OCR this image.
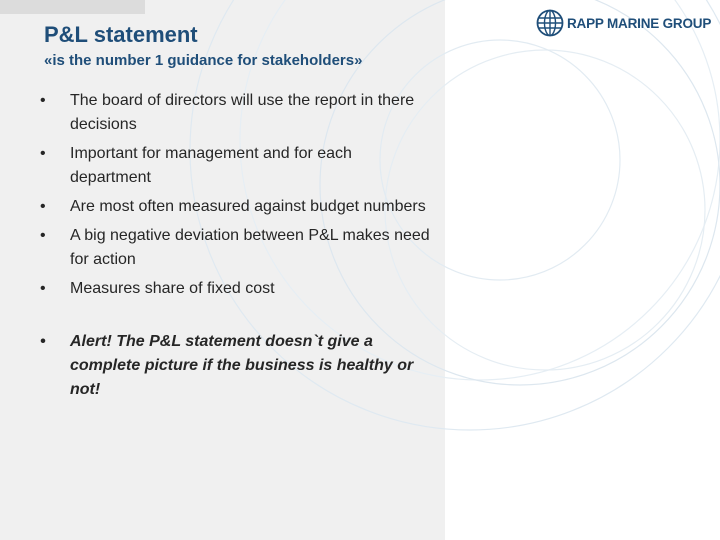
P&L statement

«is the number 1 guidance for stakeholders»

• The board of directors will use the report in there decisions
• Important for management and for each department
• Are most often measured against budget numbers
• A big negative deviation between P&L makes need for action
• Measures share of fixed cost
• Alert! The P&L statement doesn`t give a complete picture if the business is healthy or not!
RAPP MARINE GROUP
